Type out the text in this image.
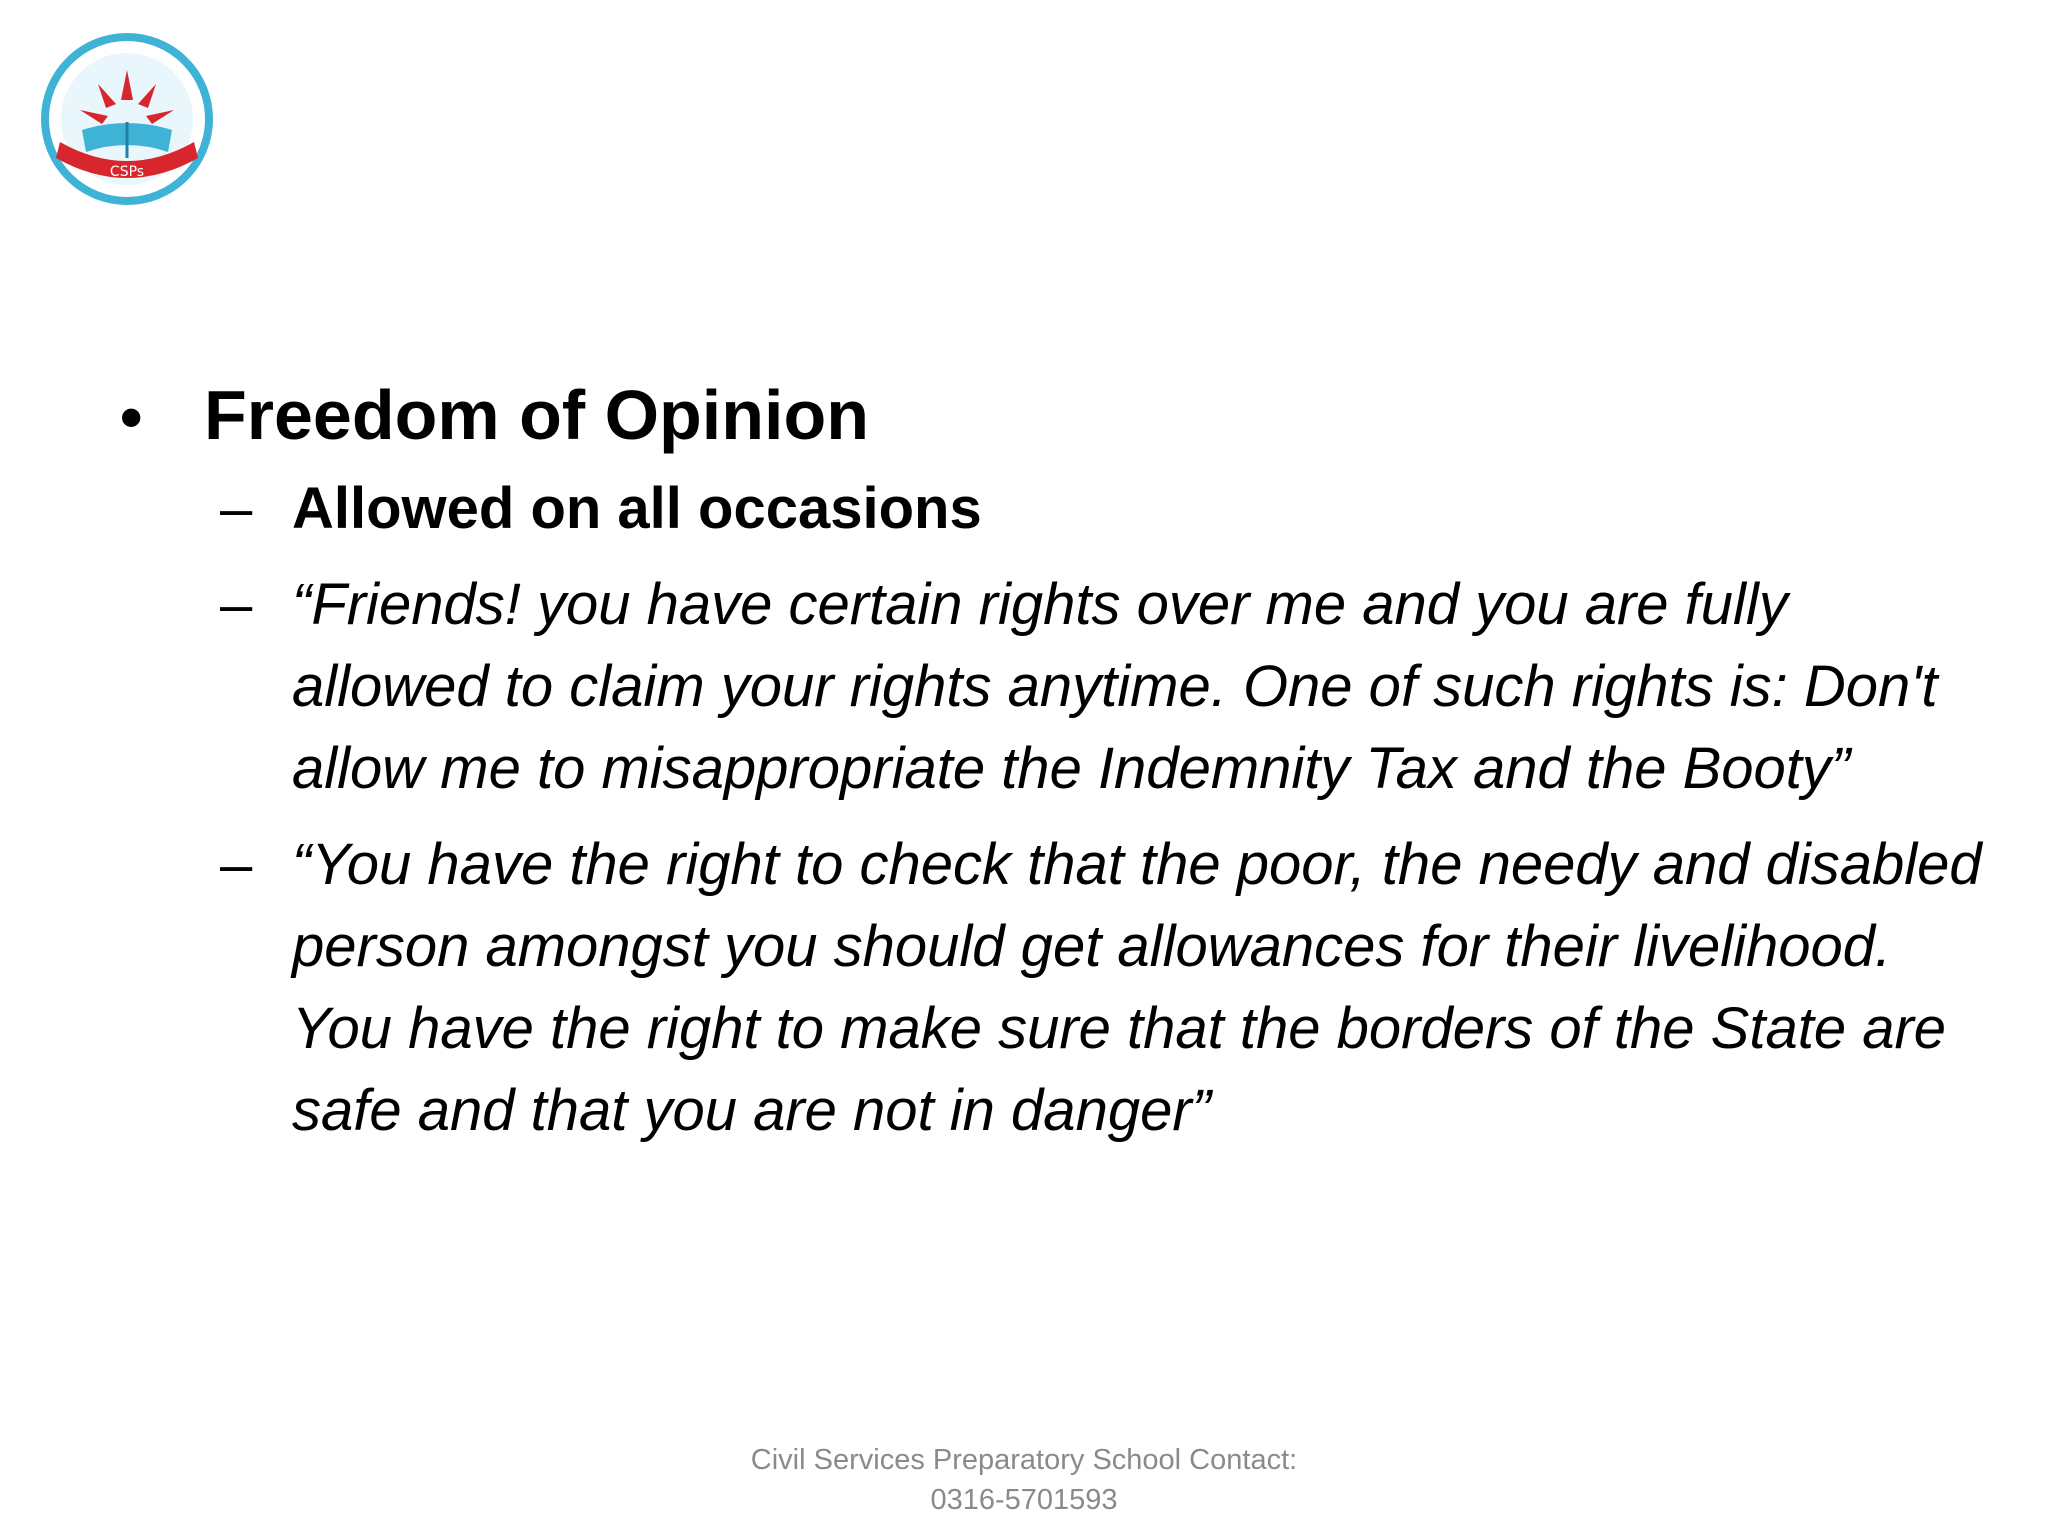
CSPs
• Freedom of Opinion
– Allowed on all occasions
– “Friends! you have certain rights over me and you are fully allowed to claim your rights anytime. One of such rights is: Don't allow me to misappropriate the Indemnity Tax and the Booty”
– “You have the right to check that the poor, the needy and disabled person amongst you should get allowances for their livelihood. You have the right to make sure that the borders of the State are safe and that you are not in danger”
Civil Services Preparatory School Contact:
0316-5701593
